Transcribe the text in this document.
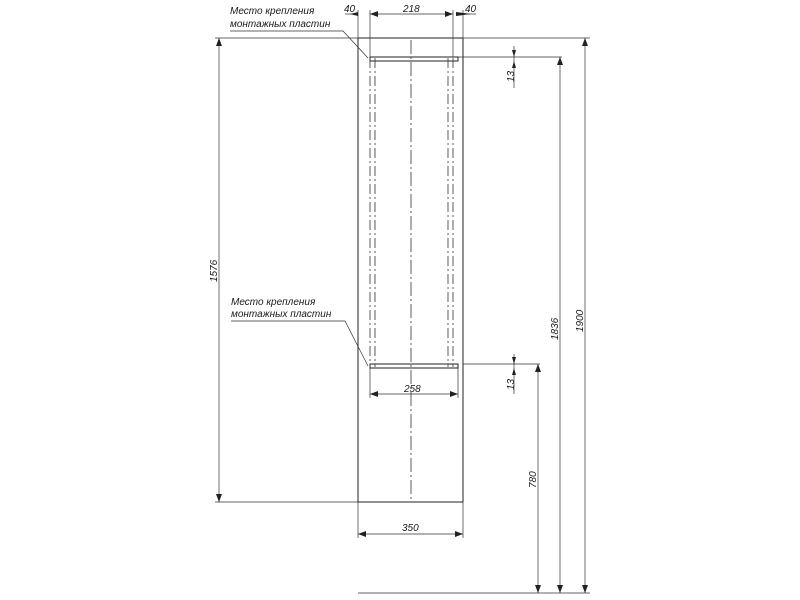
40	218	40
Место крепления
монтажных пластин
Место крепления
монтажных пластин
13
13
258
350
1576
1836 1900
780
